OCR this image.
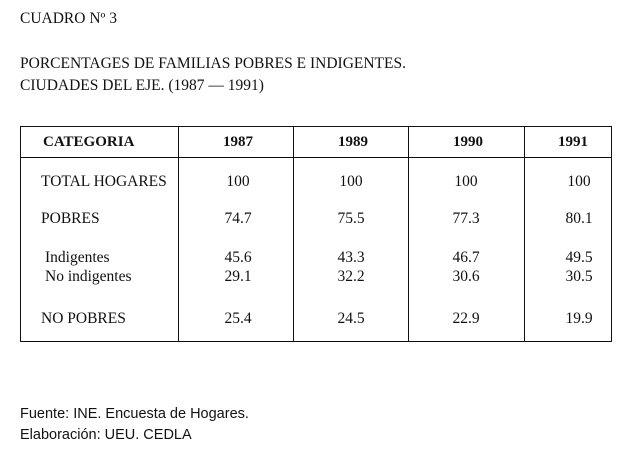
CUADRO Nº 3
PORCENTAGES DE FAMILIAS POBRES E INDIGENTES.
CIUDADES DEL EJE. (1987 — 1991)
CATEGORIA	1987	1989	1990	1991
TOTAL HOGARES	100	100	100	100
POBRES	74.7	75.5	77.3	80.1
Indigentes	45.6	43.3	46.7	49.5
No indigentes	29.1	32.2	30.6	30.5
NO POBRES	25.4	24.5	22.9	19.9
Fuente: INE. Encuesta de Hogares.
Elaboración: UEU. CEDLA
